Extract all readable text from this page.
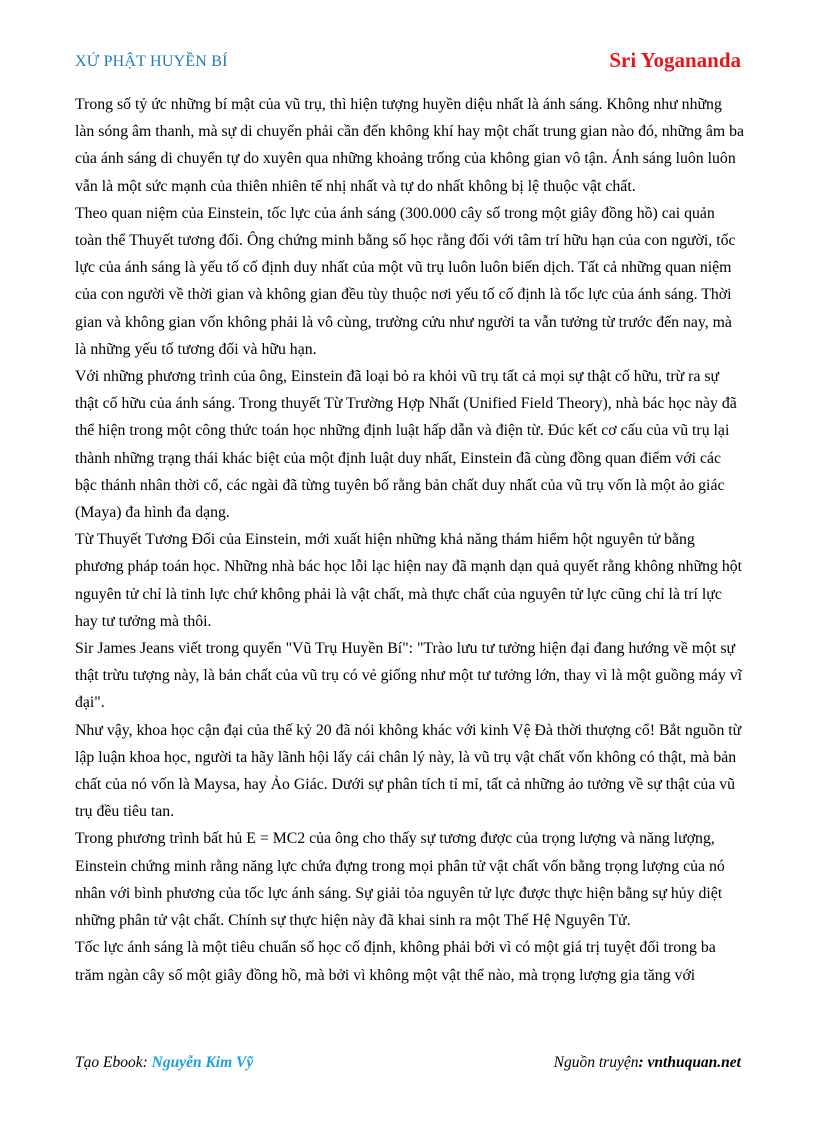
XỨ PHẬT HUYỀN BÍ	Sri Yogananda

Trong số tỷ ức những bí mật của vũ trụ, thì hiện tượng huyền diệu nhất là ánh sáng. Không như những làn sóng âm thanh, mà sự di chuyển phải cần đến không khí hay một chất trung gian nào đó, những âm ba của ánh sáng di chuyển tự do xuyên qua những khoảng trống của không gian vô tận. Ánh sáng luôn luôn vẫn là một sức mạnh của thiên nhiên tế nhị nhất và tự do nhất không bị lệ thuộc vật chất.

Theo quan niệm của Einstein, tốc lực của ánh sáng (300.000 cây số trong một giây đồng hồ) cai quản toàn thể Thuyết tương đối. Ông chứng minh bằng số học rằng đối với tâm trí hữu hạn của con người, tốc lực của ánh sáng là yếu tố cố định duy nhất của một vũ trụ luôn luôn biến dịch. Tất cả những quan niệm của con người về thời gian và không gian đều tùy thuộc nơi yếu tố cố định là tốc lực của ánh sáng. Thời gian và không gian vốn không phải là vô cùng, trường cửu như người ta vẫn tưởng từ trước đến nay, mà là những yếu tố tương đối và hữu hạn.

Với những phương trình của ông, Einstein đã loại bỏ ra khỏi vũ trụ tất cả mọi sự thật cố hữu, trừ ra sự thật cố hữu của ánh sáng. Trong thuyết Từ Trường Hợp Nhất (Unified Field Theory), nhà bác học này đã thể hiện trong một công thức toán học những định luật hấp dẫn và điện từ. Đúc kết cơ cấu của vũ trụ lại thành những trạng thái khác biệt của một định luật duy nhất, Einstein đã cùng đồng quan điểm với các bậc thánh nhân thời cổ, các ngài đã từng tuyên bố rằng bản chất duy nhất của vũ trụ vốn là một ảo giác (Maya) đa hình đa dạng.

Từ Thuyết Tương Đối của Einstein, mới xuất hiện những khả năng thám hiểm hột nguyên tử bằng phương pháp toán học. Những nhà bác học lỗi lạc hiện nay đã mạnh dạn quả quyết rằng không những hột nguyên tử chỉ là tinh lực chứ không phải là vật chất, mà thực chất của nguyên tử lực cũng chỉ là trí lực hay tư tưởng mà thôi.

Sir James Jeans viết trong quyển "Vũ Trụ Huyền Bí": "Trào lưu tư tưởng hiện đại đang hướng về một sự thật trừu tượng này, là bản chất của vũ trụ có vẻ giống như một tư tưởng lớn, thay vì là một guồng máy vĩ đại".

Như vậy, khoa học cận đại của thế kỷ 20 đã nói không khác với kinh Vệ Đà thời thượng cổ! Bắt nguồn từ lập luận khoa học, người ta hãy lãnh hội lấy cái chân lý này, là vũ trụ vật chất vốn không có thật, mà bản chất của nó vốn là Maysa, hay Ảo Giác. Dưới sự phân tích tỉ mỉ, tất cả những ảo tưởng về sự thật của vũ trụ đều tiêu tan.

Trong phương trình bất hủ E = MC2 của ông cho thấy sự tương được của trọng lượng và năng lượng, Einstein chứng minh rằng năng lực chứa đựng trong mọi phân tử vật chất vốn bằng trọng lượng của nó nhân với bình phương của tốc lực ánh sáng. Sự giải tỏa nguyên tử lực được thực hiện bằng sự hủy diệt những phân tử vật chất. Chính sự thực hiện này đã khai sinh ra một Thế Hệ Nguyên Tử.

Tốc lực ánh sáng là một tiêu chuẩn số học cố định, không phải bởi vì có một giá trị tuyệt đối trong ba trăm ngàn cây số một giây đồng hồ, mà bởi vì không một vật thể nào, mà trọng lượng gia tăng với

Tạo Ebook: Nguyễn Kim Vỹ	Nguồn truyện: vnthuquan.net
